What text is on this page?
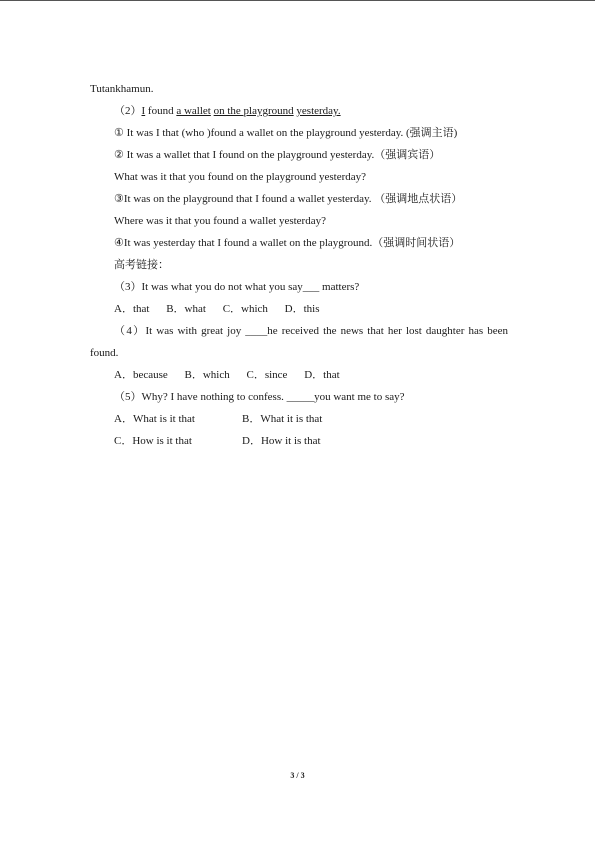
Tutankhamun.
（2）I found a wallet on the playground yesterday.
① It was I that (who )found a wallet on the playground yesterday. (强调主语)
② It was a wallet that I found on the playground yesterday.（强调宾语）
What was it that you found on the playground yesterday?
③It was on the playground that I found a wallet yesterday. （强调地点状语）
Where was it that you found a wallet yesterday?
④It was yesterday that I found a wallet on the playground.（强调时间状语）
高考链接：
（3）It was what you do not what you say___ matters?
A．that B．what C．which D．this
（4）It was with great joy ____he received the news that her lost daughter has been found.
A．because B．which C．since D．that
（5）Why? I have nothing to confess. _____you want me to say?
A．What is it that	B．What it is that
C．How is it that	D．How it is that
3 / 3
